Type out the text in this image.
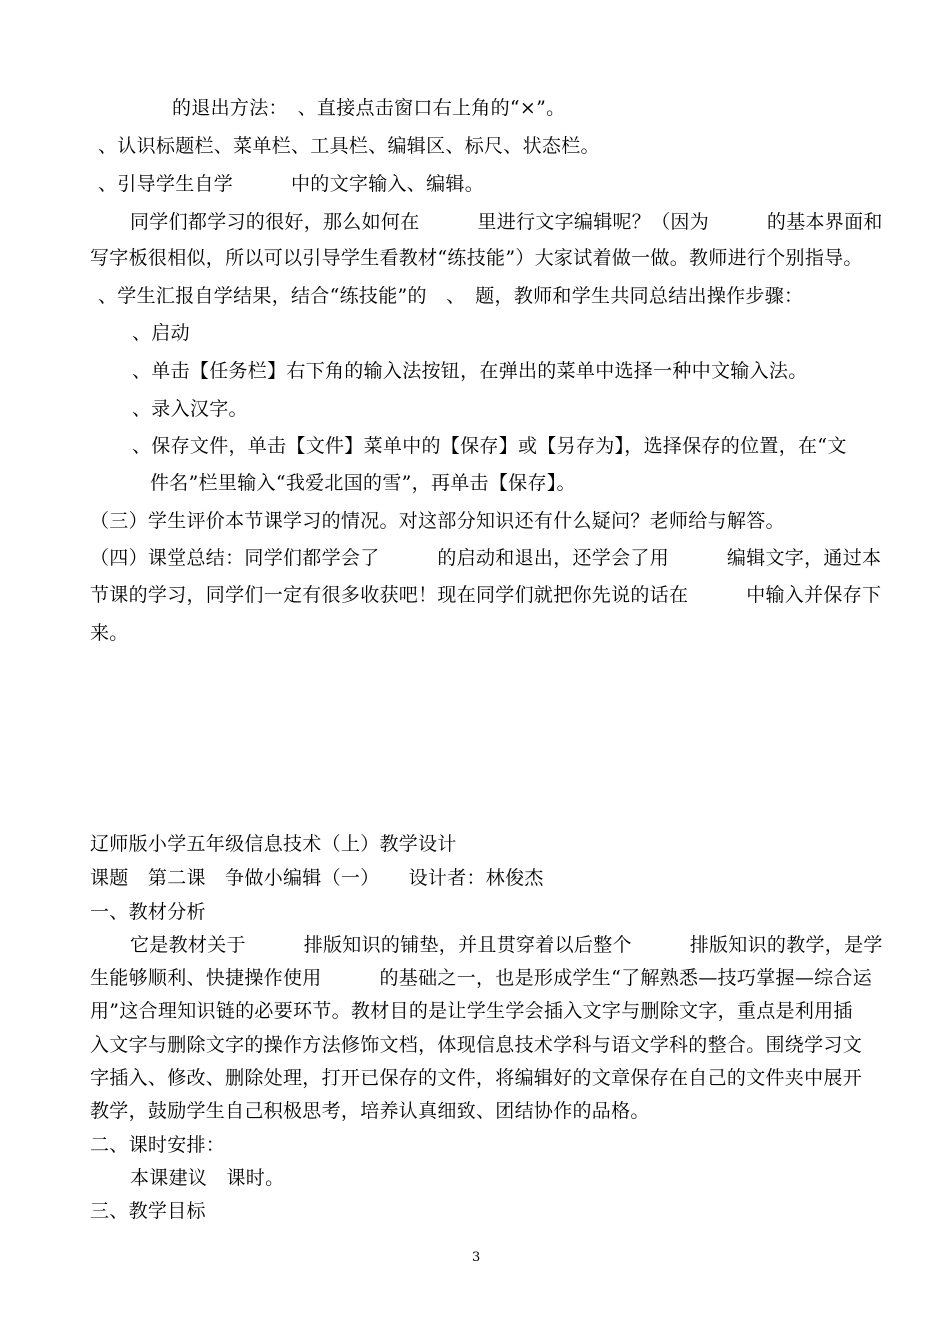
的退出方法：　、直接点击窗口右上角的“×”。
、认识标题栏、菜单栏、工具栏、编辑区、标尺、状态栏。
、引导学生自学　　　中的文字输入、编辑。
同学们都学习的很好，那么如何在　　　里进行文字编辑呢？（因为　　　的基本界面和
写字板很相似，所以可以引导学生看教材“练技能”）大家试着做一做。教师进行个别指导。
、学生汇报自学结果，结合“练技能”的　、　题，教师和学生共同总结出操作步骤：
、启动
、单击【任务栏】右下角的输入法按钮，在弹出的菜单中选择一种中文输入法。
、录入汉字。
、保存文件，单击【文件】菜单中的【保存】或【另存为】，选择保存的位置，在“文
件名”栏里输入“我爱北国的雪”，再单击【保存】。
（三）学生评价本节课学习的情况。对这部分知识还有什么疑问？老师给与解答。
（四）课堂总结：同学们都学会了　　　的启动和退出，还学会了用　　　编辑文字，通过本
节课的学习，同学们一定有很多收获吧！现在同学们就把你先说的话在　　　中输入并保存下
来。
辽师版小学五年级信息技术（上）教学设计
课题　第二课　争做小编辑（一）　　设计者：林俊杰
一、教材分析
它是教材关于　　　排版知识的铺垫，并且贯穿着以后整个　　　排版知识的教学，是学
生能够顺利、快捷操作使用　　　的基础之一，也是形成学生“了解熟悉—技巧掌握—综合运
用”这合理知识链的必要环节。教材目的是让学生学会插入文字与删除文字，重点是利用插
入文字与删除文字的操作方法修饰文档，体现信息技术学科与语文学科的整合。围绕学习文
字插入、修改、删除处理，打开已保存的文件，将编辑好的文章保存在自己的文件夹中展开
教学，鼓励学生自己积极思考，培养认真细致、团结协作的品格。
二、课时安排：
本课建议　课时。
三、教学目标
3
